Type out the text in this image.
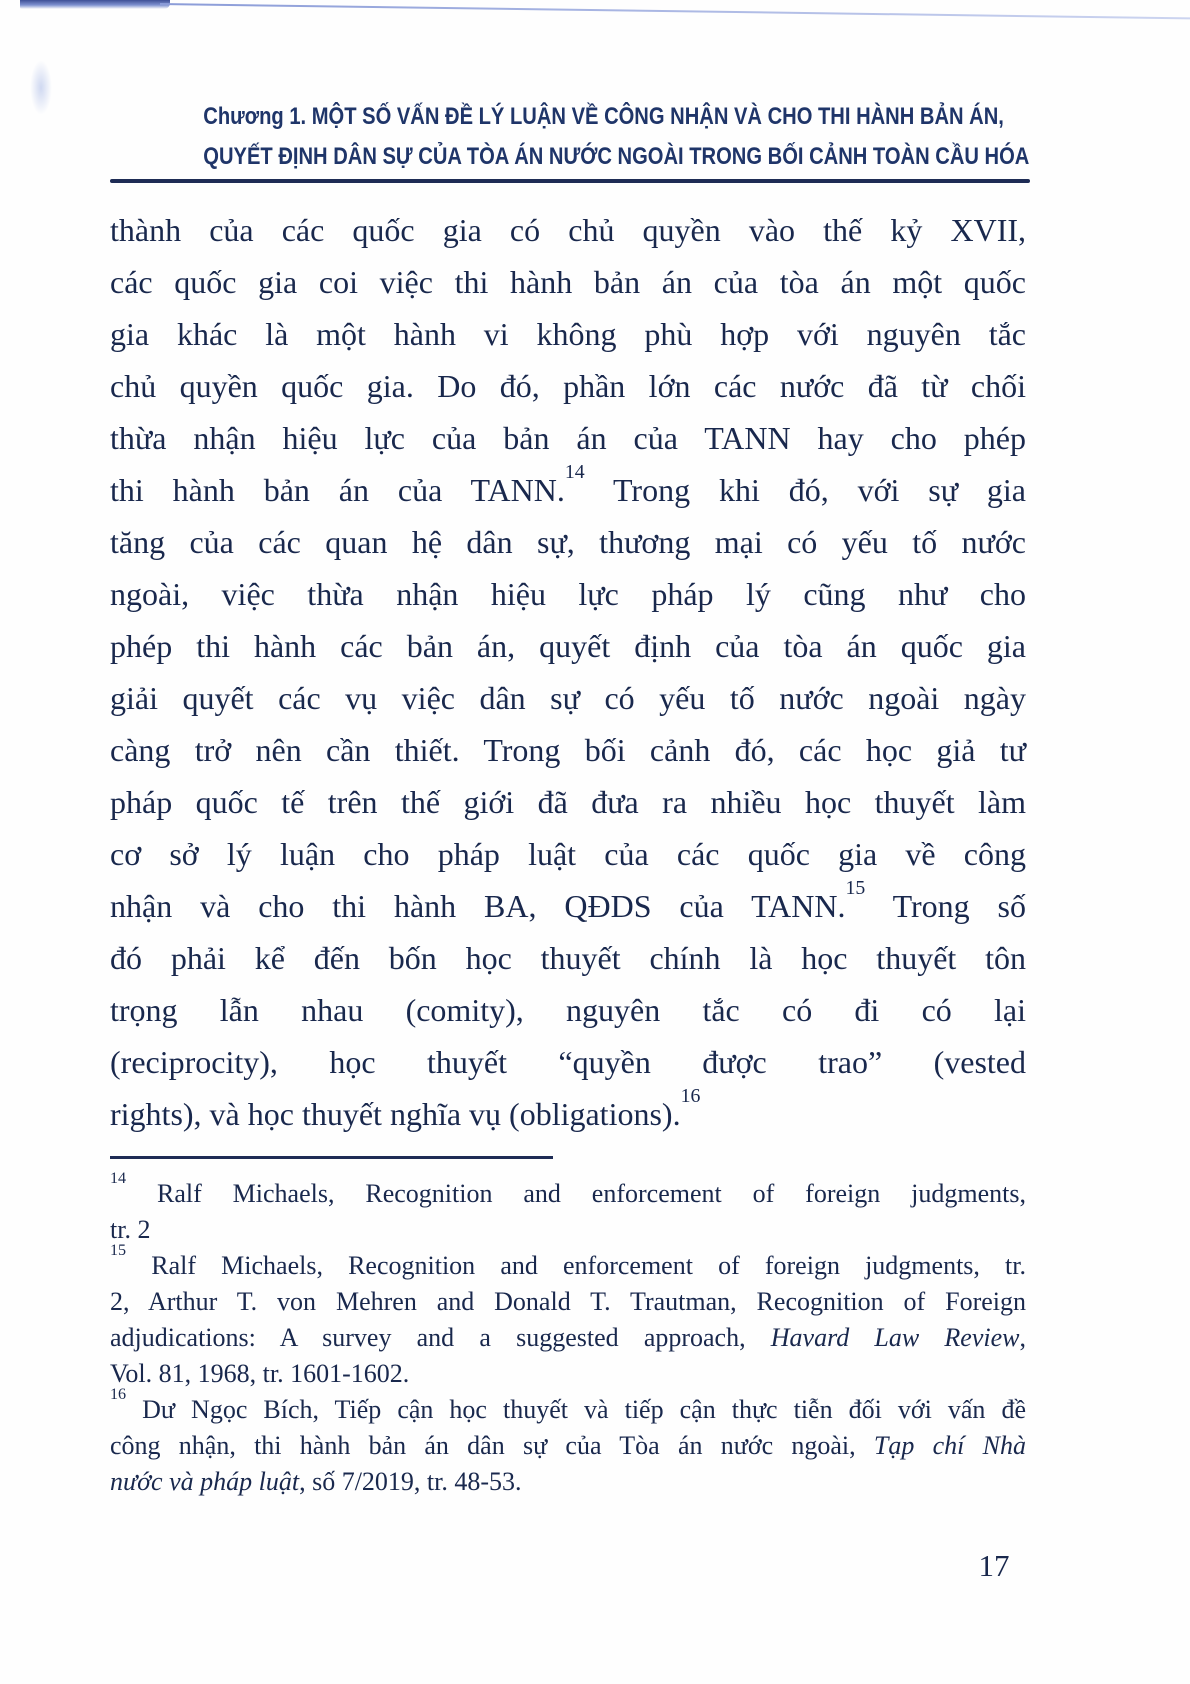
Chương 1. MỘT SỐ VẤN ĐỀ LÝ LUẬN VỀ CÔNG NHẬN VÀ CHO THI HÀNH BẢN ÁN,
QUYẾT ĐỊNH DÂN SỰ CỦA TÒA ÁN NƯỚC NGOÀI TRONG BỐI CẢNH TOÀN CẦU HÓA
thành của các quốc gia có chủ quyền vào thế kỷ XVII,
các quốc gia coi việc thi hành bản án của tòa án một quốc
gia khác là một hành vi không phù hợp với nguyên tắc
chủ quyền quốc gia. Do đó, phần lớn các nước đã từ chối
thừa nhận hiệu lực của bản án của TANN hay cho phép
thi hành bản án của TANN.$^{14}$ Trong khi đó, với sự gia
tăng của các quan hệ dân sự, thương mại có yếu tố nước
ngoài, việc thừa nhận hiệu lực pháp lý cũng như cho
phép thi hành các bản án, quyết định của tòa án quốc gia
giải quyết các vụ việc dân sự có yếu tố nước ngoài ngày
càng trở nên cần thiết. Trong bối cảnh đó, các học giả tư
pháp quốc tế trên thế giới đã đưa ra nhiều học thuyết làm
cơ sở lý luận cho pháp luật của các quốc gia về công
nhận và cho thi hành BA, QĐDS của TANN.$^{15}$ Trong số
đó phải kể đến bốn học thuyết chính là học thuyết tôn
trọng lẫn nhau (comity), nguyên tắc có đi có lại
(reciprocity), học thuyết “quyền được trao” (vested
rights), và học thuyết nghĩa vụ (obligations).$^{16}$
$^{14}$ Ralf Michaels, Recognition and enforcement of foreign judgments,
tr. 2
$^{15}$ Ralf Michaels, Recognition and enforcement of foreign judgments, tr.
2, Arthur T. von Mehren and Donald T. Trautman, Recognition of Foreign
adjudications: A survey and a suggested approach, Havard Law Review,
Vol. 81, 1968, tr. 1601-1602.
$^{16}$ Dư Ngọc Bích, Tiếp cận học thuyết và tiếp cận thực tiễn đối với vấn đề
công nhận, thi hành bản án dân sự của Tòa án nước ngoài, Tạp chí Nhà
nước và pháp luật, số 7/2019, tr. 48-53.
17
